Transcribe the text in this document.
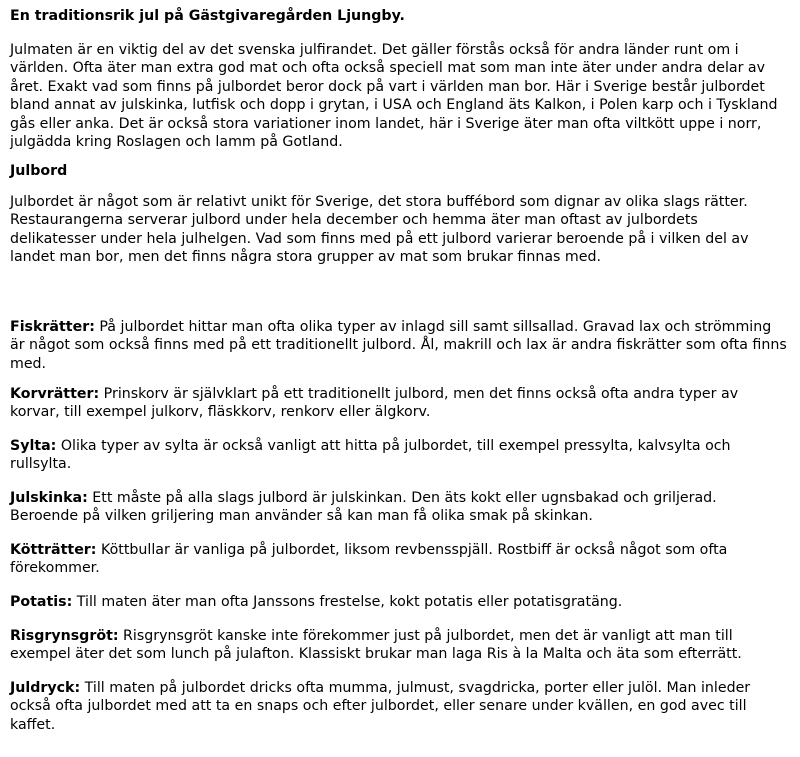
En traditionsrik jul på Gästgivaregården Ljungby.

Julmaten är en viktig del av det svenska julfirandet. Det gäller förstås också för andra länder runt om i världen. Ofta äter man extra god mat och ofta också speciell mat som man inte äter under andra delar av året. Exakt vad som finns på julbordet beror dock på vart i världen man bor. Här i Sverige består julbordet bland annat av julskinka, lutfisk och dopp i grytan, i USA och England äts Kalkon, i Polen karp och i Tyskland gås eller anka. Det är också stora variationer inom landet, här i Sverige äter man ofta viltkött uppe i norr, julgädda kring Roslagen och lamm på Gotland.

Julbord

Julbordet är något som är relativt unikt för Sverige, det stora buffébord som dignar av olika slags rätter. Restaurangerna serverar julbord under hela december och hemma äter man oftast av julbordets delikatesser under hela julhelgen. Vad som finns med på ett julbord varierar beroende på i vilken del av landet man bor, men det finns några stora grupper av mat som brukar finnas med.

Fiskrätter: På julbordet hittar man ofta olika typer av inlagd sill samt sillsallad. Gravad lax och strömming är något som också finns med på ett traditionellt julbord. Ål, makrill och lax är andra fiskrätter som ofta finns med.

Korvrätter: Prinskorv är självklart på ett traditionellt julbord, men det finns också ofta andra typer av korvar, till exempel julkorv, fläskkorv, renkorv eller älgkorv.

Sylta: Olika typer av sylta är också vanligt att hitta på julbordet, till exempel pressylta, kalvsylta och rullsylta.

Julskinka: Ett måste på alla slags julbord är julskinkan. Den äts kokt eller ugnsbakad och griljerad. Beroende på vilken griljering man använder så kan man få olika smak på skinkan.

Kötträtter: Köttbullar är vanliga på julbordet, liksom revbensspjäll. Rostbiff är också något som ofta förekommer.

Potatis: Till maten äter man ofta Janssons frestelse, kokt potatis eller potatisgratäng.

Risgrynsgröt: Risgrynsgröt kanske inte förekommer just på julbordet, men det är vanligt att man till exempel äter det som lunch på julafton. Klassiskt brukar man laga Ris à la Malta och äta som efterrätt.

Juldryck: Till maten på julbordet dricks ofta mumma, julmust, svagdricka, porter eller julöl. Man inleder också ofta julbordet med att ta en snaps och efter julbordet, eller senare under kvällen, en god avec till kaffet.
